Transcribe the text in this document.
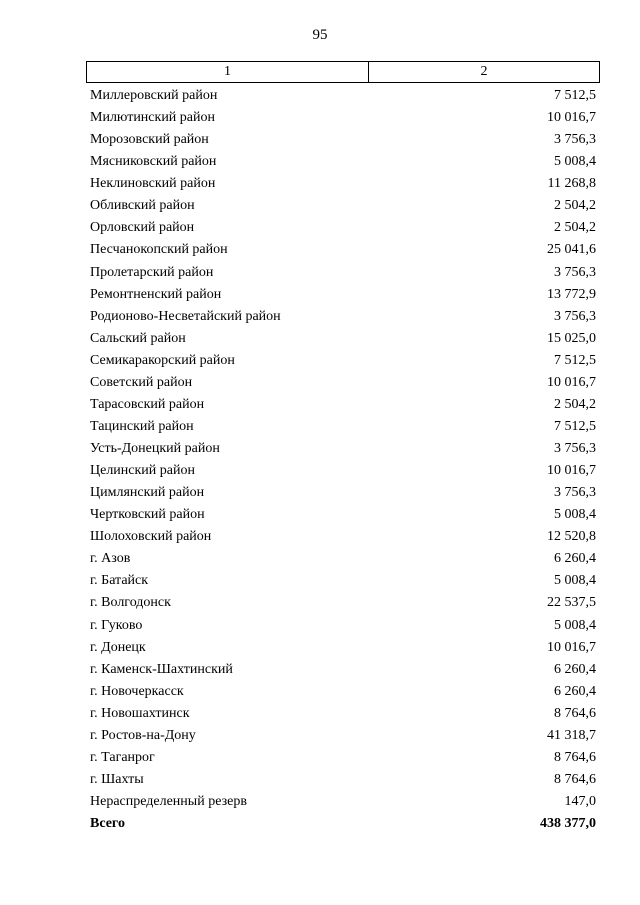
95
1	2
Миллеровский район	7 512,5
Милютинский район	10 016,7
Морозовский район	3 756,3
Мясниковский район	5 008,4
Неклиновский район	11 268,8
Обливский район	2 504,2
Орловский район	2 504,2
Песчанокопский район	25 041,6
Пролетарский район	3 756,3
Ремонтненский район	13 772,9
Родионово-Несветайский район	3 756,3
Сальский район	15 025,0
Семикаракорский район	7 512,5
Советский район	10 016,7
Тарасовский район	2 504,2
Тацинский район	7 512,5
Усть-Донецкий район	3 756,3
Целинский район	10 016,7
Цимлянский район	3 756,3
Чертковский район	5 008,4
Шолоховский район	12 520,8
г. Азов	6 260,4
г. Батайск	5 008,4
г. Волгодонск	22 537,5
г. Гуково	5 008,4
г. Донецк	10 016,7
г. Каменск-Шахтинский	6 260,4
г. Новочеркасск	6 260,4
г. Новошахтинск	8 764,6
г. Ростов-на-Дону	41 318,7
г. Таганрог	8 764,6
г. Шахты	8 764,6
Нераспределенный резерв	147,0
Всего	438 377,0
